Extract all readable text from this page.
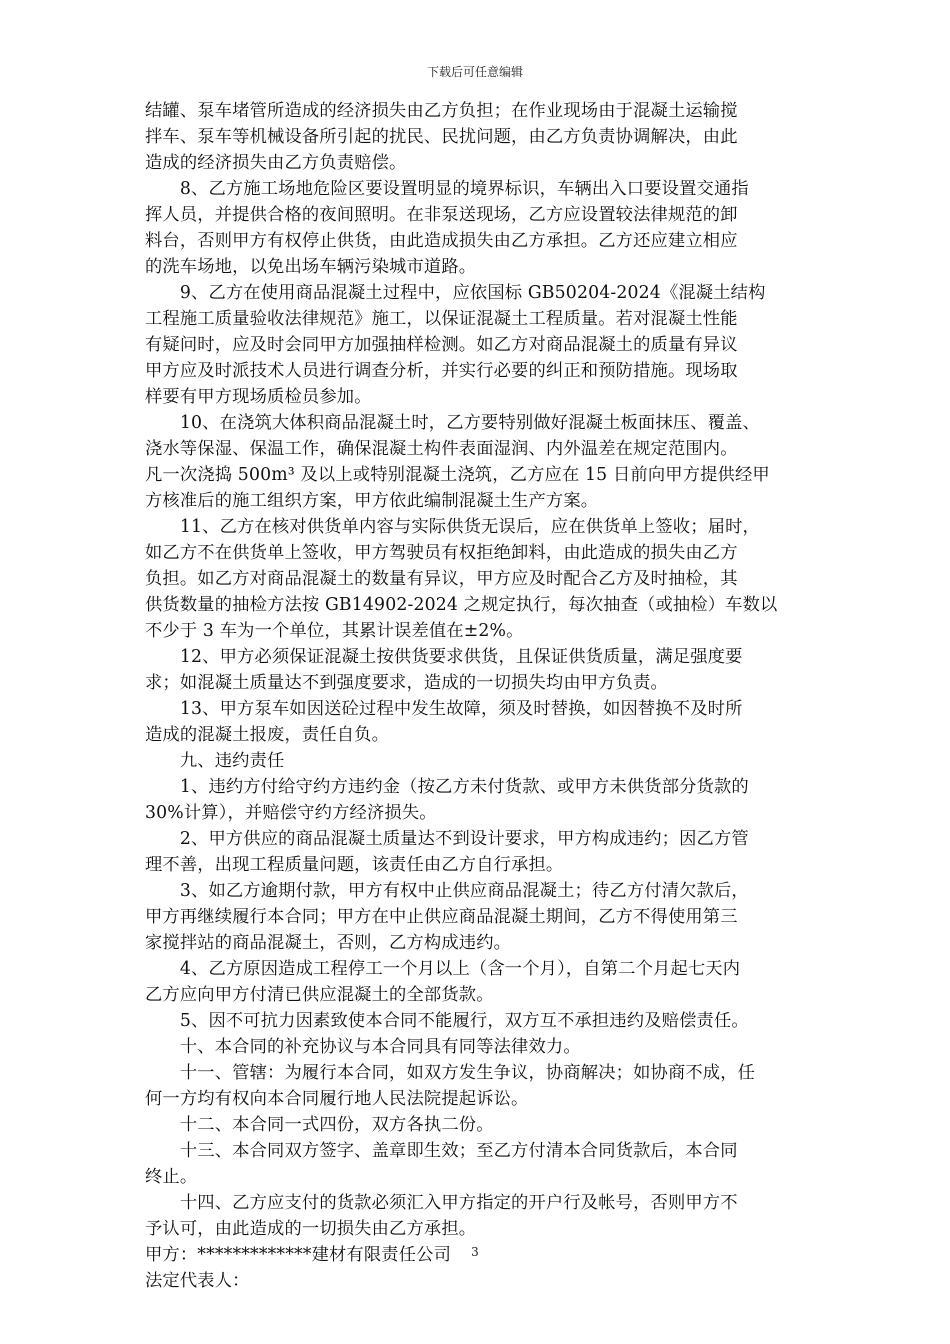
下载后可任意编辑
结罐、泵车堵管所造成的经济损失由乙方负担；在作业现场由于混凝土运输搅
拌车、泵车等机械设备所引起的扰民、民扰问题，由乙方负责协调解决，由此
造成的经济损失由乙方负责赔偿。
　　8、乙方施工场地危险区要设置明显的境界标识，车辆出入口要设置交通指
挥人员，并提供合格的夜间照明。在非泵送现场，乙方应设置较法律规范的卸
料台，否则甲方有权停止供货，由此造成损失由乙方承担。乙方还应建立相应
的洗车场地，以免出场车辆污染城市道路。
　　9、乙方在使用商品混凝土过程中，应依国标 GB50204-2024《混凝土结构
工程施工质量验收法律规范》施工，以保证混凝土工程质量。若对混凝土性能
有疑问时，应及时会同甲方加强抽样检测。如乙方对商品混凝土的质量有异议
甲方应及时派技术人员进行调查分析，并实行必要的纠正和预防措施。现场取
样要有甲方现场质检员参加。
　　10、在浇筑大体积商品混凝土时，乙方要特别做好混凝土板面抹压、覆盖、
浇水等保湿、保温工作，确保混凝土构件表面湿润、内外温差在规定范围内。
凡一次浇捣 500m³ 及以上或特别混凝土浇筑，乙方应在 15 日前向甲方提供经甲
方核准后的施工组织方案，甲方依此编制混凝土生产方案。
　　11、乙方在核对供货单内容与实际供货无误后，应在供货单上签收；届时，
如乙方不在供货单上签收，甲方驾驶员有权拒绝卸料，由此造成的损失由乙方
负担。如乙方对商品混凝土的数量有异议，甲方应及时配合乙方及时抽检，其
供货数量的抽检方法按 GB14902-2024 之规定执行，每次抽查（或抽检）车数以
不少于 3 车为一个单位，其累计误差值在±2%。
　　12、甲方必须保证混凝土按供货要求供货，且保证供货质量，满足强度要
求；如混凝土质量达不到强度要求，造成的一切损失均由甲方负责。
　　13、甲方泵车如因送砼过程中发生故障，须及时替换，如因替换不及时所
造成的混凝土报废，责任自负。
　　九、违约责任
　　1、违约方付给守约方违约金（按乙方未付货款、或甲方未供货部分货款的
30%计算），并赔偿守约方经济损失。
　　2、甲方供应的商品混凝土质量达不到设计要求，甲方构成违约；因乙方管
理不善，出现工程质量问题，该责任由乙方自行承担。
　　3、如乙方逾期付款，甲方有权中止供应商品混凝土；待乙方付清欠款后，
甲方再继续履行本合同；甲方在中止供应商品混凝土期间，乙方不得使用第三
家搅拌站的商品混凝土，否则，乙方构成违约。
　　4、乙方原因造成工程停工一个月以上（含一个月），自第二个月起七天内
乙方应向甲方付清已供应混凝土的全部货款。
　　5、因不可抗力因素致使本合同不能履行，双方互不承担违约及赔偿责任。
　　十、本合同的补充协议与本合同具有同等法律效力。
　　十一、管辖：为履行本合同，如双方发生争议，协商解决；如协商不成，任
何一方均有权向本合同履行地人民法院提起诉讼。
　　十二、本合同一式四份，双方各执二份。
　　十三、本合同双方签字、盖章即生效；至乙方付清本合同货款后，本合同
终止。
　　十四、乙方应支付的货款必须汇入甲方指定的开户行及帐号，否则甲方不
予认可，由此造成的一切损失由乙方承担。
甲方：*************建材有限责任公司
法定代表人：
3
